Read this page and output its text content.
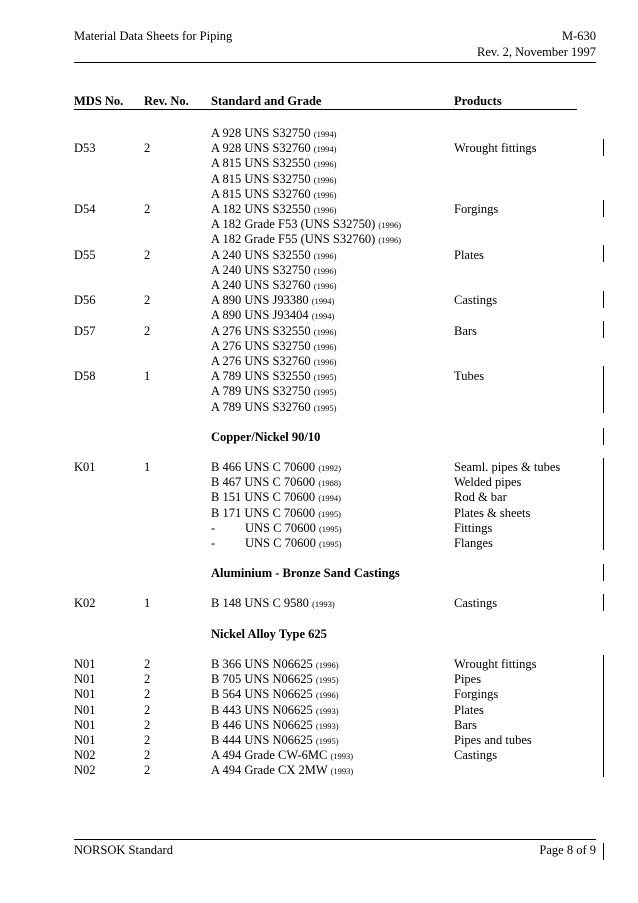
Material Data Sheets for Piping	M-630
Rev. 2, November 1997
MDS No. Rev. No. Standard and Grade	Products
A 928 UNS S32750 (1994)
D53	2	A 928 UNS S32760 (1994)	Wrought fittings
A 815 UNS S32550 (1996)
A 815 UNS S32750 (1996)
A 815 UNS S32760 (1996)
D54	2	A 182 UNS S32550 (1996)	Forgings
A 182 Grade F53 (UNS S32750) (1996)
A 182 Grade F55 (UNS S32760) (1996)
D55	2	A 240 UNS S32550 (1996)	Plates
A 240 UNS S32750 (1996)
A 240 UNS S32760 (1996)
D56	2	A 890 UNS J93380 (1994)	Castings
A 890 UNS J93404 (1994)
D57	2	A 276 UNS S32550 (1996)	Bars
A 276 UNS S32750 (1996)
A 276 UNS S32760 (1996)
D58	1	A 789 UNS S32550 (1995)	Tubes
A 789 UNS S32750 (1995)
A 789 UNS S32760 (1995)
K01	1	B 466 UNS C 70600 (1992)	Seaml. pipes & tubes
B 467 UNS C 70600 (1988)	Welded pipes
B 151 UNS C 70600 (1994)	Rod & bar
B 171 UNS C 70600 (1995)	Plates & sheets
- UNS C 70600 (1995)	Fittings
- UNS C 70600 (1995)	Flanges
K02	1	B 148 UNS C 9580 (1993)	Castings
N01	2	B 366 UNS N06625 (1996)	Wrought fittings
N01	2	B 705 UNS N06625 (1995)	Pipes
N01	2	B 564 UNS N06625 (1996)	Forgings
N01	2	B 443 UNS N06625 (1993)	Plates
N01	2	B 446 UNS N06625 (1993)	Bars
N01	2	B 444 UNS N06625 (1995)	Pipes and tubes
N02	2	A 494 Grade CW-6MC (1993)	Castings
N02	2	A 494 Grade CX 2MW (1993)
Copper/Nickel 90/10
Aluminium - Bronze Sand Castings
Nickel Alloy Type 625
NORSOK Standard	Page 8 of 9
